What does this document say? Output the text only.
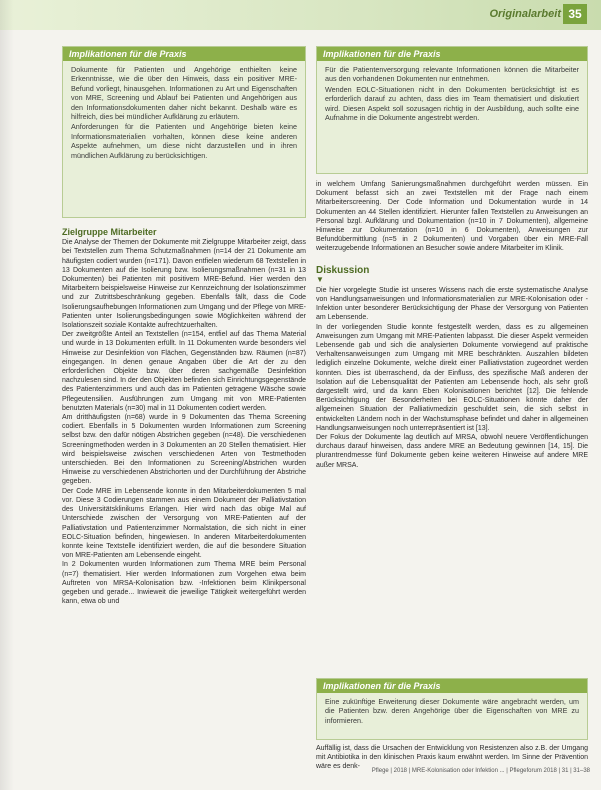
Originalarbeit 35
Implikationen für die Praxis

Dokumente für Patienten und Angehörige enthielten keine Erkenntnisse, wie die über den Hinweis, dass ein positiver MRE-Befund vorliegt, hinausgehen. Informationen zu Art und Eigenschaften von MRE, Screening und Ablauf bei Patienten und Angehörigen aus den Informationsdokumenten daher nicht bekannt. Deshalb wäre es hilfreich, dies bei mündlicher Aufklärung zu erläutern.

Anforderungen für die Patienten und Angehörige bieten keine Informationsmaterialien vorhalten, können diese keine anderen Aspekte aufnehmen, um diese nicht darzustellen und in ihren mündlichen Aufklärung zu berücksichtigen.

Implikationen für die Praxis

Für die Patientenversorgung relevante Informationen können die Mitarbeiter aus den vorhandenen Dokumenten nur entnehmen.

Wenden EOLC-Situationen nicht in den Dokumenten berücksichtigt ist es erforderlich darauf zu achten, dass dies im Team thematisiert und diskutiert wird. Diesen Aspekt soll sozusagen richtig in der Ausbildung, auch sollte eine Aufnahme in die Dokumente angestrebt werden.

Zielgruppe Mitarbeiter

Die Analyse der Themen der Dokumente mit Zielgruppe Mitarbeiter zeigt, dass bei Textstellen zum Thema Schutzmaßnahmen (n=14 der 21 Dokumente am häufigsten codiert wurden (n=171). Davon entfielen wiederum 68 Textstellen in 13 Dokumenten auf die Isolierung bzw. Isolierungsmaßnahmen (n=31 in 13 Dokumenten) bei Patienten mit positivem MRE-Befund. Hier werden den Mitarbeitern beispielsweise Hinweise zur Kennzeichnung der Isolationszimmer und zur Zutrittsbeschränkung gegeben. Ebenfalls fällt, dass die Code Isolierungsaufhebungen Informationen zum Umgang und der Pflege von MRE-Patienten unter Isolierungsbedingungen sowie Möglichkeiten während der Isolationszeit soziale Kontakte aufrechtzuerhalten.

Der zweitgrößte Anteil an Textstellen (n=154, entfiel auf das Thema Material und wurde in 13 Dokumenten erfüllt. In 11 Dokumenten wurde besonders viel Hinweise zur Desinfektion von Flächen, Gegenständen bzw. Räumen (n=87) eingegangen. In denen genaue Angaben über die Art der zu den erforderlichen Objekte bzw. über deren sachgemäße Desinfektion nachzulesen sind. In der den Objekten befinden sich Einrichtungsgegenstände des Patientenzimmers und auch das im Patienten getragene Wäsche sowie Pflegeutensilien. Ausführungen zum Umgang mit von MRE-Patienten benutzten Materials (n=30) mal in 11 Dokumenten codiert werden.

Am dritthäufigsten (n=68) wurde in 9 Dokumenten das Thema Screening codiert. Ebenfalls in 5 Dokumenten wurden Informationen zum Screening selbst bzw. den dafür nötigen Abstrichen gegeben (n=48). Die verschiedenen Screeningmethoden werden in 3 Dokumenten an 20 Stellen thematisiert. Hier wird beispielsweise zwischen verschiedenen Arten von Testmethoden unterschieden. Bei den Informationen zu Screening/Abstrichen wurden Hinweise zu verschiedenen Abstrichorten und der Durchführung der Abstriche gegeben.

Der Code MRE im Lebensende konnte in den Mitarbeiterdokumenten 5 mal vor. Diese 3 Codierungen stammen aus einem Dokument der Palliativstation des Universitätsklinikums Erlangen. Hier wird nach das obige Mal auf Unterschiede zwischen der Versorgung von MRE-Patienten auf der Palliativstation und Patientenzimmer Normalstation, die sich nicht in einer EOLC-Situation befinden, hingewiesen. In anderen Mitarbeiterdokumenten konnte keine Textstelle identifiziert werden, die auf die besondere Situation von MRE-Patienten am Lebensende eingeht.

In 2 Dokumenten wurden Informationen zum Thema MRE beim Personal (n=7) thematisiert. Hier werden Informationen zum Vorgehen etwa beim Auftreten von MRSA-Kolonisation bzw. -Infektionen beim Klinikpersonal gegeben und gerade... Inwieweit die jeweilige Tätigkeit weitergeführt werden kann, etwa ob und

in welchem Umfang Sanierungsmaßnahmen durchgeführt werden müssen. Ein Dokument befasst sich an zwei Textstellen mit der Frage nach einem Mitarbeiterscreening. Der Code Information und Dokumentation wurde in 14 Dokumenten an 44 Stellen identifiziert. Hierunter fallen Textstellen zu Anweisungen an Personal bzgl. Aufklärung und Dokumentation (n=10 in 7 Dokumenten), allgemeine Hinweise zur Dokumentation (n=10 in 6 Dokumenten), Anweisungen zur Befundübermittlung (n=5 in 2 Dokumenten) und Vorgaben über ein MRE-Fall weiterzugebende Informationen an Besucher sowie andere Mitarbeiter im Klinik.

Diskussion
▼

Die hier vorgelegte Studie ist unseres Wissens nach die erste systematische Analyse von Handlungsanweisungen und Informationsmaterialien zur MRE-Kolonisation oder -Infektion unter besonderer Berücksichtigung der Phase der Versorgung von Patienten am Lebensende.

In der vorliegenden Studie konnte festgestellt werden, dass es zu allgemeinen Anweisungen zum Umgang mit MRE-Patienten labpasst. Die dieser Aspekt vermeiden Lebensende gab und sich die analysierten Dokumente vorwiegend auf praktische Verhaltensanweisungen zum Umgang mit MRE beschränkten. Auszahlen bildeten lediglich einzelne Dokumente, welche direkt einer Palliativstation zugeordnet werden konnten. Dies ist überraschend, da der Einfluss, des spezifische Maß anderen der Isolation auf die Lebensqualität der Patienten am Lebensende hoch, als sehr groß dargestellt wird, und da kann Eben Kolonisationen berichtet [12]. Die fehlende Berücksichtigung der Besonderheiten bei EOLC-Situationen könnte daher der allgemeinen Situation der Palliativmedizin geschuldet sein, die sich selbst in entwickelten Ländern noch in der Wachstumsphase befindet und daher in allgemeinen Handlungsanweisungen noch unterrepräsentiert ist [13].

Der Fokus der Dokumente lag deutlich auf MRSA, obwohl neuere Veröffentlichungen durchaus darauf hinweisen, dass andere MRE an Bedeutung gewinnen [14, 15]. Die plurantrendmesse fünf Dokumente geben keine weiteren Hinweise auf andere MRE außer MRSA.

Implikationen für die Praxis

Eine zukünftige Erweiterung dieser Dokumente wäre angebracht werden, um die Patienten bzw. deren Angehörige über die Eigenschaften von MRE zu informieren.

Auffällig ist, dass die Ursachen der Entwicklung von Resistenzen also z.B. der Umgang mit Antibiotika in den klinischen Praxis kaum erwähnt werden. Im Sinne der Prävention wäre es denk-

Pflege | 2018 | MRE-Kolonisation oder Infektion ... | Pflegeforum 2018 | 31 | 31–38
